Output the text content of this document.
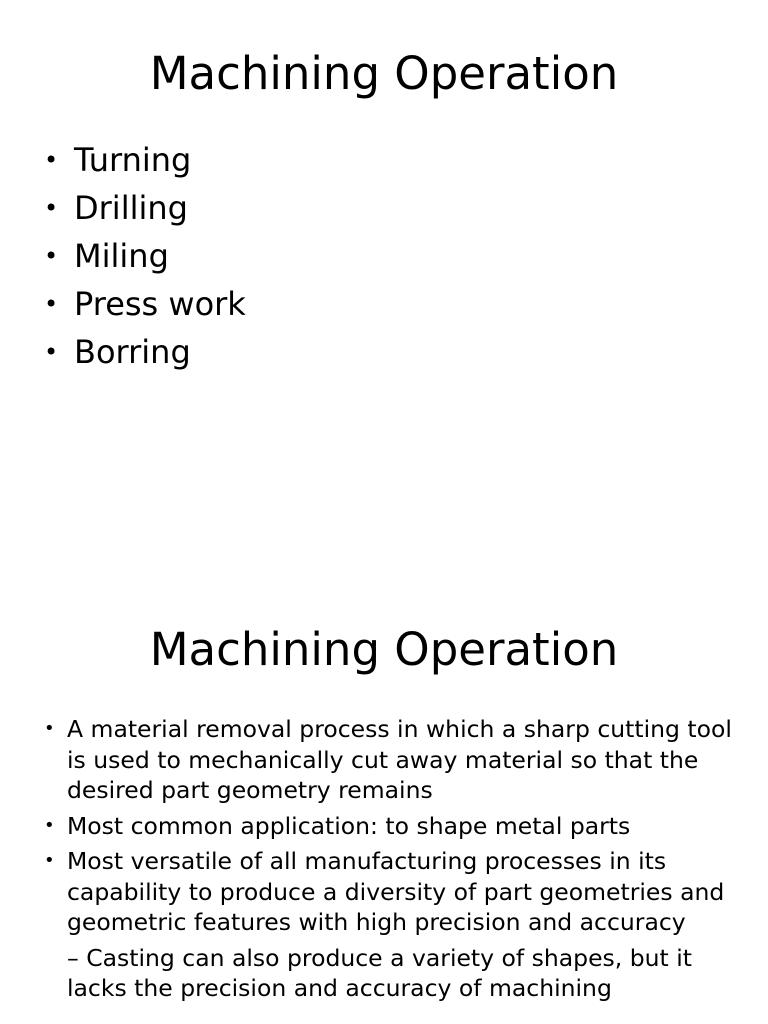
Machining Operation
• Turning
• Drilling
• Miling
• Press work
• Borring
Machining Operation
• A material removal process in which a sharp cutting tool is used to mechanically cut away material so that the desired part geometry remains
• Most common application: to shape metal parts
• Most versatile of all manufacturing processes in its capability to produce a diversity of part geometries and geometric features with high precision and accuracy
– Casting can also produce a variety of shapes, but it lacks the precision and accuracy of machining
